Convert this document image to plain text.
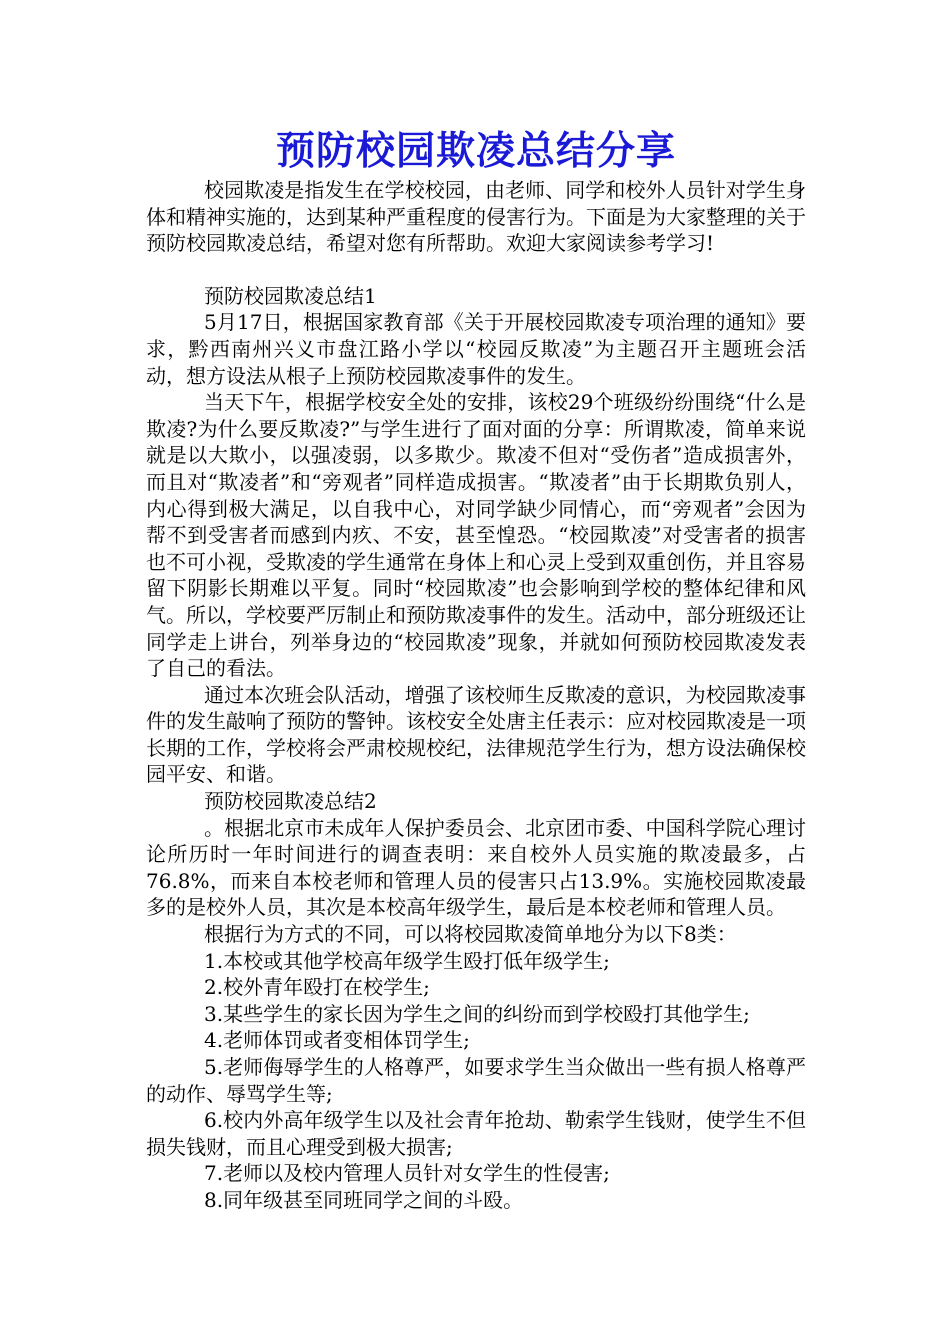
预防校园欺凌总结分享

校园欺凌是指发生在学校校园，由老师、同学和校外人员针对学生身体和精神实施的，达到某种严重程度的侵害行为。下面是为大家整理的关于预防校园欺凌总结，希望对您有所帮助。欢迎大家阅读参考学习!

预防校园欺凌总结1

5月17日，根据国家教育部《关于开展校园欺凌专项治理的通知》要求，黔西南州兴义市盘江路小学以“校园反欺凌”为主题召开主题班会活动，想方设法从根子上预防校园欺凌事件的发生。

当天下午，根据学校安全处的安排，该校29个班级纷纷围绕“什么是欺凌?为什么要反欺凌?”与学生进行了面对面的分享：所谓欺凌，简单来说就是以大欺小，以强凌弱，以多欺少。欺凌不但对“受伤者”造成损害外，而且对“欺凌者”和“旁观者”同样造成损害。“欺凌者”由于长期欺负别人，内心得到极大满足，以自我中心，对同学缺少同情心，而“旁观者”会因为帮不到受害者而感到内疚、不安，甚至惶恐。“校园欺凌”对受害者的损害也不可小视，受欺凌的学生通常在身体上和心灵上受到双重创伤，并且容易留下阴影长期难以平复。同时“校园欺凌”也会影响到学校的整体纪律和风气。所以，学校要严厉制止和预防欺凌事件的发生。活动中，部分班级还让同学走上讲台，列举身边的“校园欺凌”现象，并就如何预防校园欺凌发表了自己的看法。

通过本次班会队活动，增强了该校师生反欺凌的意识，为校园欺凌事件的发生敲响了预防的警钟。该校安全处唐主任表示：应对校园欺凌是一项长期的工作，学校将会严肃校规校纪，法律规范学生行为，想方设法确保校园平安、和谐。

预防校园欺凌总结2

。根据北京市未成年人保护委员会、北京团市委、中国科学院心理讨论所历时一年时间进行的调查表明：来自校外人员实施的欺凌最多，占76.8%，而来自本校老师和管理人员的侵害只占13.9%。实施校园欺凌最多的是校外人员，其次是本校高年级学生，最后是本校老师和管理人员。

根据行为方式的不同，可以将校园欺凌简单地分为以下8类：

1.本校或其他学校高年级学生殴打低年级学生;

2.校外青年殴打在校学生;

3.某些学生的家长因为学生之间的纠纷而到学校殴打其他学生;

4.老师体罚或者变相体罚学生;

5.老师侮辱学生的人格尊严，如要求学生当众做出一些有损人格尊严的动作、辱骂学生等;

6.校内外高年级学生以及社会青年抢劫、勒索学生钱财，使学生不但损失钱财，而且心理受到极大损害;

7.老师以及校内管理人员针对女学生的性侵害;

8.同年级甚至同班同学之间的斗殴。
